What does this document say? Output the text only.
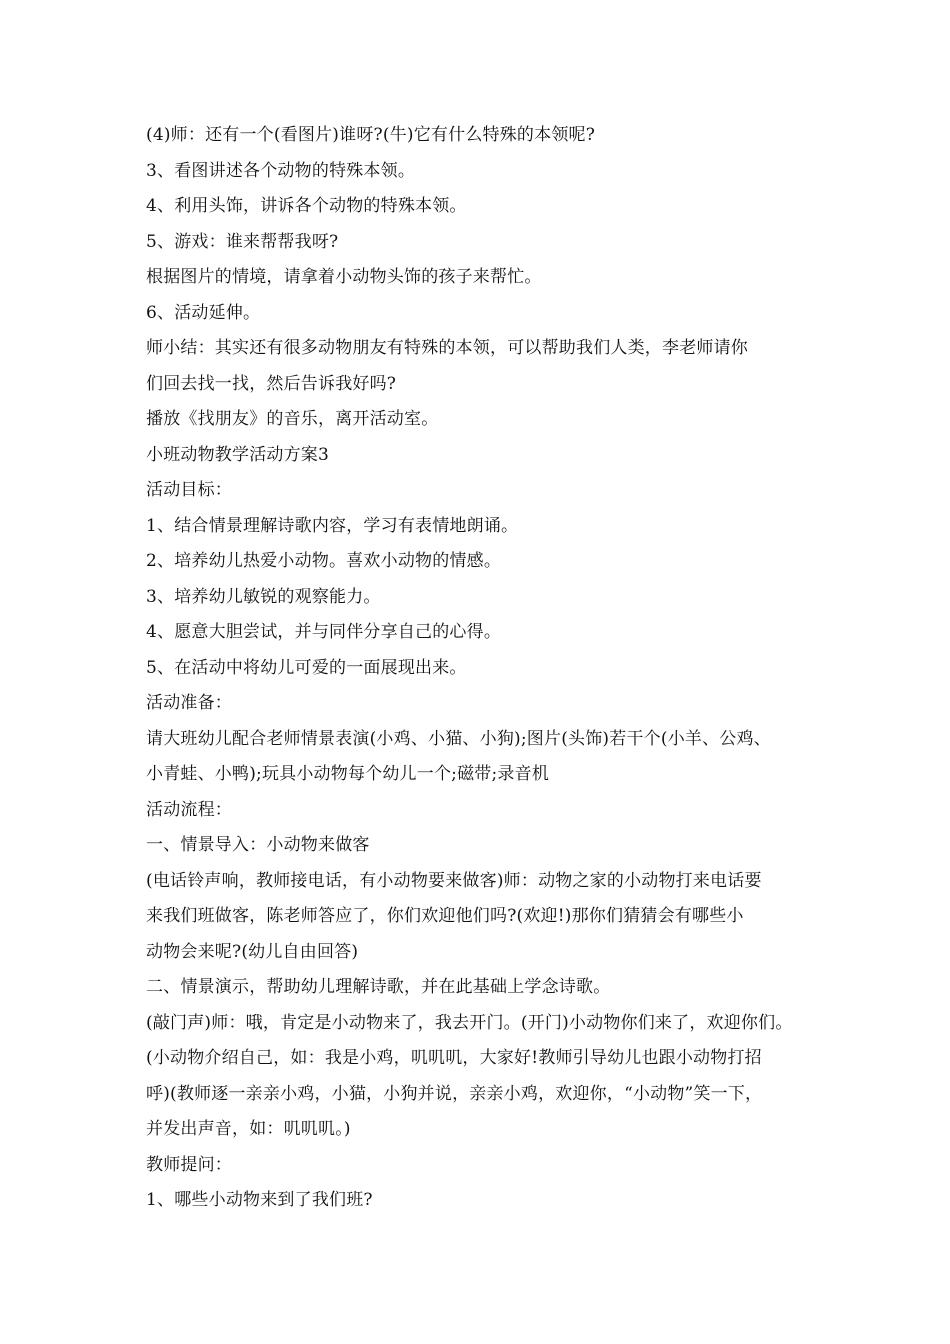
(4)师：还有一个(看图片)谁呀?(牛)它有什么特殊的本领呢?
3、看图讲述各个动物的特殊本领。
4、利用头饰，讲诉各个动物的特殊本领。
5、游戏：谁来帮帮我呀?
根据图片的情境，请拿着小动物头饰的孩子来帮忙。
6、活动延伸。
师小结：其实还有很多动物朋友有特殊的本领，可以帮助我们人类，李老师请你
们回去找一找，然后告诉我好吗?
播放《找朋友》的音乐，离开活动室。
小班动物教学活动方案3
活动目标：
1、结合情景理解诗歌内容，学习有表情地朗诵。
2、培养幼儿热爱小动物。喜欢小动物的情感。
3、培养幼儿敏锐的观察能力。
4、愿意大胆尝试，并与同伴分享自己的心得。
5、在活动中将幼儿可爱的一面展现出来。
活动准备：
请大班幼儿配合老师情景表演(小鸡、小猫、小狗);图片(头饰)若干个(小羊、公鸡、
小青蛙、小鸭);玩具小动物每个幼儿一个;磁带;录音机
活动流程：
一、情景导入：小动物来做客
(电话铃声响，教师接电话，有小动物要来做客)师：动物之家的小动物打来电话要
来我们班做客，陈老师答应了，你们欢迎他们吗?(欢迎!)那你们猜猜会有哪些小
动物会来呢?(幼儿自由回答)
二、情景演示，帮助幼儿理解诗歌，并在此基础上学念诗歌。
(敲门声)师：哦，肯定是小动物来了，我去开门。(开门)小动物你们来了，欢迎你们。
(小动物介绍自己，如：我是小鸡，叽叽叽，大家好!教师引导幼儿也跟小动物打招
呼)(教师逐一亲亲小鸡，小猫，小狗并说，亲亲小鸡，欢迎你，“小动物”笑一下，
并发出声音，如：叽叽叽。)
教师提问：
1、哪些小动物来到了我们班?
